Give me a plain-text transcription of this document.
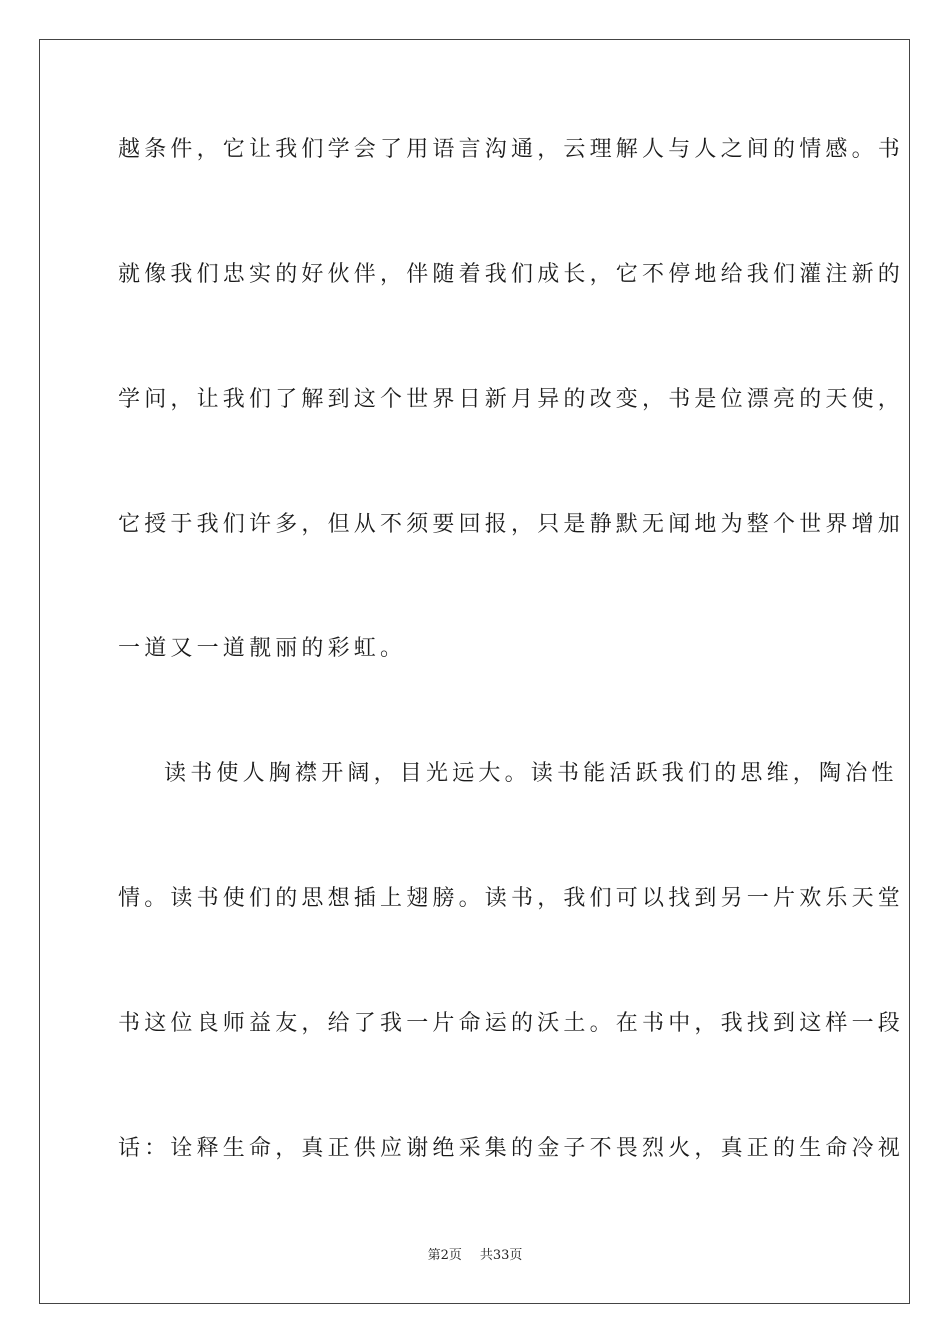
越条件，它让我们学会了用语言沟通，云理解人与人之间的情感。书
就像我们忠实的好伙伴，伴随着我们成长，它不停地给我们灌注新的
学问，让我们了解到这个世界日新月异的改变，书是位漂亮的天使，
它授于我们许多，但从不须要回报，只是静默无闻地为整个世界增加
一道又一道靓丽的彩虹。
读书使人胸襟开阔，目光远大。读书能活跃我们的思维，陶冶性
情。读书使们的思想插上翅膀。读书，我们可以找到另一片欢乐天堂
书这位良师益友，给了我一片命运的沃土。在书中，我找到这样一段
话：诠释生命，真正供应谢绝采集的金子不畏烈火，真正的生命冷视
第2页 共33页
